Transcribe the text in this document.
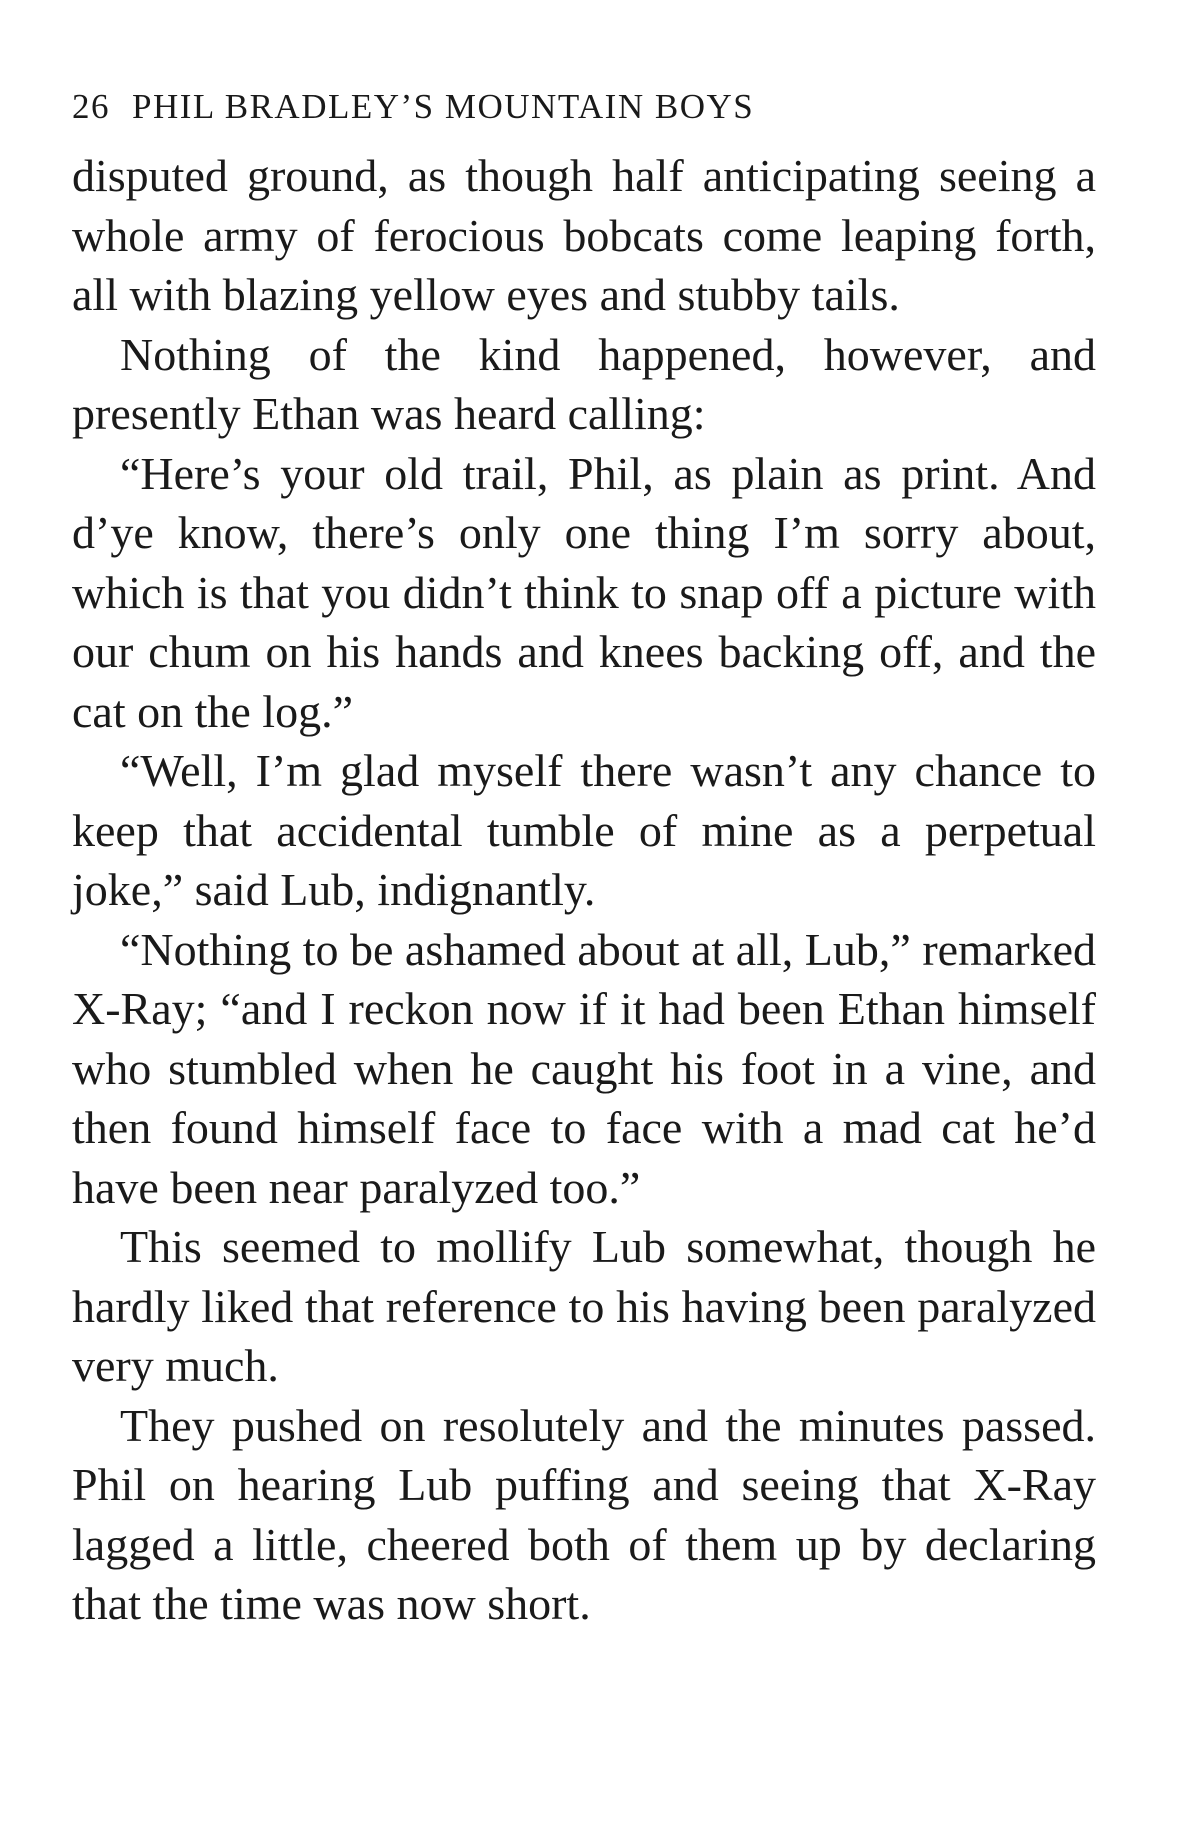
26 PHIL BRADLEY’S MOUNTAIN BOYS

disputed ground, as though half anticipating seeing a whole army of ferocious bobcats come leaping forth, all with blazing yellow eyes and stubby tails.

Nothing of the kind happened, however, and presently Ethan was heard calling:

“Here’s your old trail, Phil, as plain as print. And d’ye know, there’s only one thing I’m sorry about, which is that you didn’t think to snap off a picture with our chum on his hands and knees backing off, and the cat on the log.”

“Well, I’m glad myself there wasn’t any chance to keep that accidental tumble of mine as a perpetual joke,” said Lub, indignantly.

“Nothing to be ashamed about at all, Lub,” remarked X-Ray; “and I reckon now if it had been Ethan himself who stumbled when he caught his foot in a vine, and then found himself face to face with a mad cat he’d have been near paralyzed too.”

This seemed to mollify Lub somewhat, though he hardly liked that reference to his having been paralyzed very much.

They pushed on resolutely and the minutes passed. Phil on hearing Lub puffing and seeing that X-Ray lagged a little, cheered both of them up by declaring that the time was now short.
